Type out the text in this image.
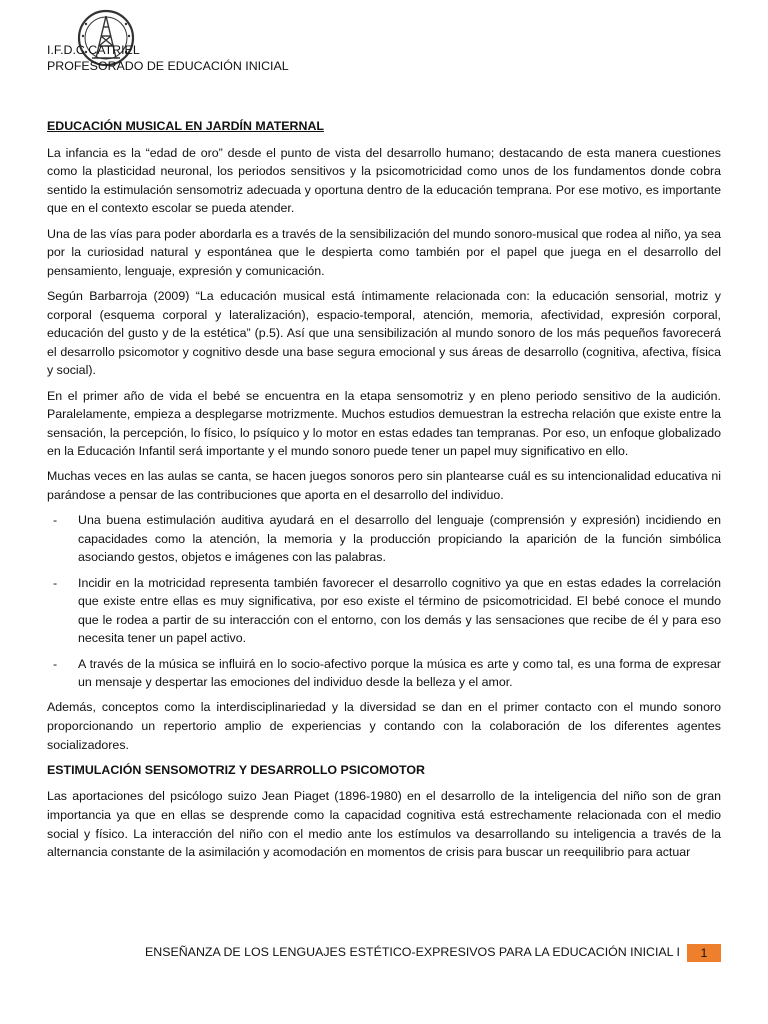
I.F.D.C CATRIEL
PROFESORADO DE EDUCACIÓN INICIAL
EDUCACIÓN MUSICAL EN JARDÍN MATERNAL

La infancia es la “edad de oro” desde el punto de vista del desarrollo humano; destacando de esta manera cuestiones como la plasticidad neuronal, los periodos sensitivos y la psicomotricidad como unos de los fundamentos donde cobra sentido la estimulación sensomotriz adecuada y oportuna dentro de la educación temprana. Por ese motivo, es importante que en el contexto escolar se pueda atender.

Una de las vías para poder abordarla es a través de la sensibilización del mundo sonoro-musical que rodea al niño, ya sea por la curiosidad natural y espontánea que le despierta como también por el papel que juega en el desarrollo del pensamiento, lenguaje, expresión y comunicación.

Según Barbarroja (2009) “La educación musical está íntimamente relacionada con: la educación sensorial, motriz y corporal (esquema corporal y lateralización), espacio-temporal, atención, memoria, afectividad, expresión corporal, educación del gusto y de la estética” (p.5). Así que una sensibilización al mundo sonoro de los más pequeños favorecerá el desarrollo psicomotor y cognitivo desde una base segura emocional y sus áreas de desarrollo (cognitiva, afectiva, física y social).

En el primer año de vida el bebé se encuentra en la etapa sensomotriz y en pleno periodo sensitivo de la audición. Paralelamente, empieza a desplegarse motrizmente. Muchos estudios demuestran la estrecha relación que existe entre la sensación, la percepción, lo físico, lo psíquico y lo motor en estas edades tan tempranas. Por eso, un enfoque globalizado en la Educación Infantil será importante y el mundo sonoro puede tener un papel muy significativo en ello.

Muchas veces en las aulas se canta, se hacen juegos sonoros pero sin plantearse cuál es su intencionalidad educativa ni parándose a pensar de las contribuciones que aporta en el desarrollo del individuo.

- Una buena estimulación auditiva ayudará en el desarrollo del lenguaje (comprensión y expresión) incidiendo en capacidades como la atención, la memoria y la producción propiciando la aparición de la función simbólica asociando gestos, objetos e imágenes con las palabras.
- Incidir en la motricidad representa también favorecer el desarrollo cognitivo ya que en estas edades la correlación que existe entre ellas es muy significativa, por eso existe el término de psicomotricidad. El bebé conoce el mundo que le rodea a partir de su interacción con el entorno, con los demás y las sensaciones que recibe de él y para eso necesita tener un papel activo.
- A través de la música se influirá en lo socio-afectivo porque la música es arte y como tal, es una forma de expresar un mensaje y despertar las emociones del individuo desde la belleza y el amor.

Además, conceptos como la interdisciplinariedad y la diversidad se dan en el primer contacto con el mundo sonoro proporcionando un repertorio amplio de experiencias y contando con la colaboración de los diferentes agentes socializadores.

ESTIMULACIÓN SENSOMOTRIZ Y DESARROLLO PSICOMOTOR

Las aportaciones del psicólogo suizo Jean Piaget (1896-1980) en el desarrollo de la inteligencia del niño son de gran importancia ya que en ellas se desprende como la capacidad cognitiva está estrechamente relacionada con el medio social y físico. La interacción del niño con el medio ante los estímulos va desarrollando su inteligencia a través de la alternancia constante de la asimilación y acomodación en momentos de crisis para buscar un reequilibrio para actuar

ENSEÑANZA DE LOS LENGUAJES ESTÉTICO-EXPRESIVOS PARA LA EDUCACIÓN INICIAL I	1
